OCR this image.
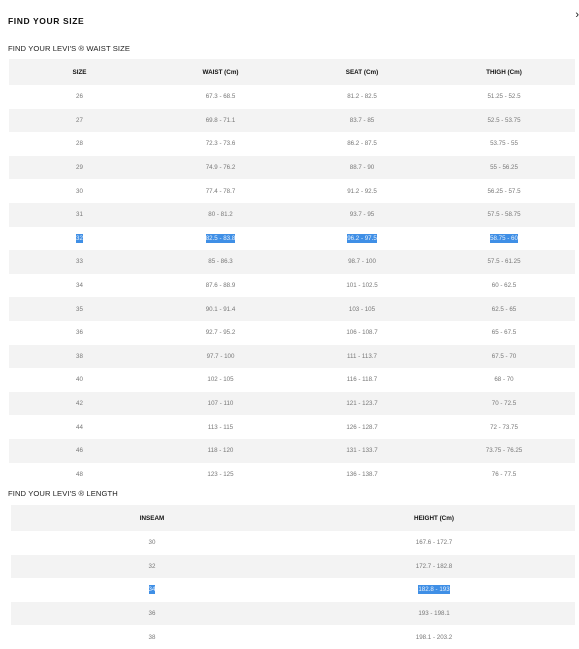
FIND YOUR SIZE	›
FIND YOUR LEVI'S ® WAIST SIZE
SIZE	WAIST (Cm)	SEAT (Cm)	THIGH (Cm)
26	67.3 - 68.5	81.2 - 82.5	51.25 - 52.5
27	69.8 - 71.1	83.7 - 85	52.5 - 53.75
28	72.3 - 73.6	86.2 - 87.5	53.75 - 55
29	74.9 - 76.2	88.7 - 90	55 - 56.25
30	77.4 - 78.7	91.2 - 92.5	56.25 - 57.5
31	80 - 81.2	93.7 - 95	57.5 - 58.75
32	82.5 - 83.8	96.2 - 97.5	58.75 - 60
33	85 - 86.3	98.7 - 100	57.5 - 61.25
34	87.6 - 88.9	101 - 102.5	60 - 62.5
35	90.1 - 91.4	103 - 105	62.5 - 65
36	92.7 - 95.2	106 - 108.7	65 - 67.5
38	97.7 - 100	111 - 113.7	67.5 - 70
40	102 - 105	116 - 118.7	68 - 70
42	107 - 110	121 - 123.7	70 - 72.5
44	113 - 115	126 - 128.7	72 - 73.75
46	118 - 120	131 - 133.7	73.75 - 76.25
48	123 - 125	136 - 138.7	76 - 77.5
FIND YOUR LEVI'S ® LENGTH
INSEAM	HEIGHT (Cm)
30	167.6 - 172.7
32	172.7 - 182.8
34	182.8 - 193
36	193 - 198.1
38	198.1 - 203.2
